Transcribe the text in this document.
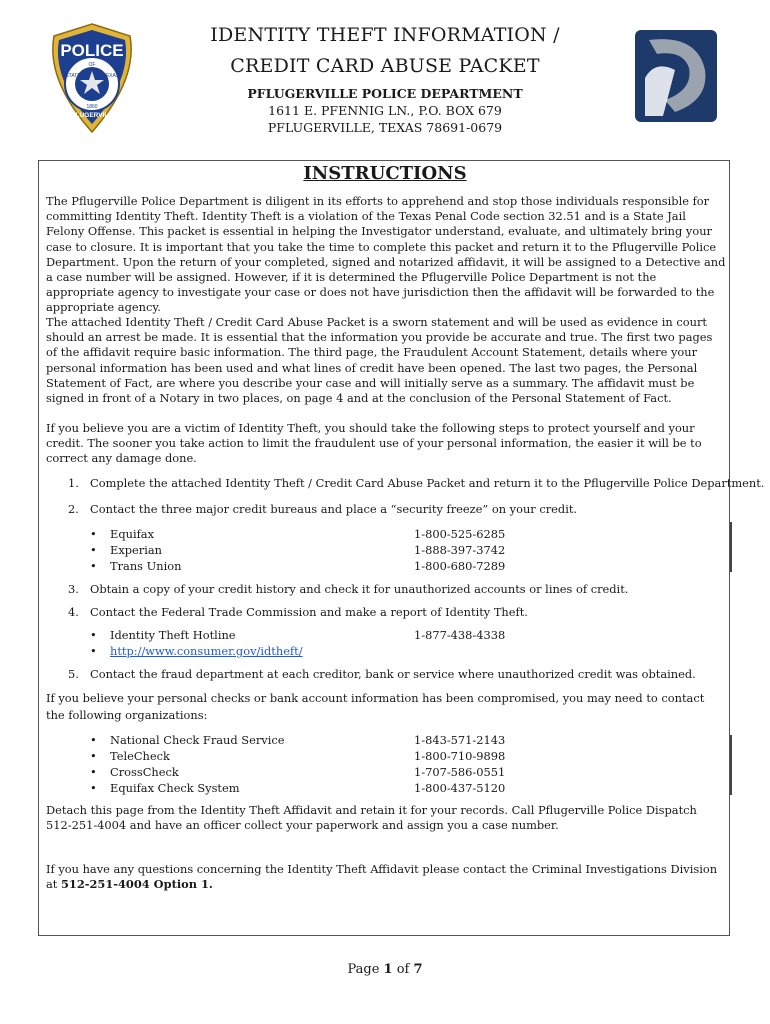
POLICE
STATE
OF
TEXAS
1860
PFLUGERVILLE
IDENTITY THEFT INFORMATION /
CREDIT CARD ABUSE PACKET
PFLUGERVILLE POLICE DEPARTMENT
1611 E. PFENNIG LN., P.O. BOX 679
PFLUGERVILLE, TEXAS 78691-0679
INSTRUCTIONS
The Pflugerville Police Department is diligent in its efforts to apprehend and stop those individuals responsible for committing Identity Theft. Identity Theft is a violation of the Texas Penal Code section 32.51 and is a State Jail Felony Offense. This packet is essential in helping the Investigator understand, evaluate, and ultimately bring your case to closure. It is important that you take the time to complete this packet and return it to the Pflugerville Police Department. Upon the return of your completed, signed and notarized affidavit, it will be assigned to a Detective and a case number will be assigned. However, if it is determined the Pflugerville Police Department is not the appropriate agency to investigate your case or does not have jurisdiction then the affidavit will be forwarded to the appropriate agency.
The attached Identity Theft / Credit Card Abuse Packet is a sworn statement and will be used as evidence in court should an arrest be made. It is essential that the information you provide be accurate and true. The first two pages of the affidavit require basic information. The third page, the Fraudulent Account Statement, details where your personal information has been used and what lines of credit have been opened. The last two pages, the Personal Statement of Fact, are where you describe your case and will initially serve as a summary. The affidavit must be signed in front of a Notary in two places, on page 4 and at the conclusion of the Personal Statement of Fact.
If you believe you are a victim of Identity Theft, you should take the following steps to protect yourself and your credit. The sooner you take action to limit the fraudulent use of your personal information, the easier it will be to correct any damage done.
1. Complete the attached Identity Theft / Credit Card Abuse Packet and return it to the Pflugerville Police Department.
2. Contact the three major credit bureaus and place a “security freeze” on your credit.
• Equifax	1-800-525-6285
• Experian	1-888-397-3742
• Trans Union	1-800-680-7289
3. Obtain a copy of your credit history and check it for unauthorized accounts or lines of credit.
4. Contact the Federal Trade Commission and make a report of Identity Theft.
• Identity Theft Hotline	1-877-438-4338
• http://www.consumer.gov/idtheft/
5. Contact the fraud department at each creditor, bank or service where unauthorized credit was obtained.
If you believe your personal checks or bank account information has been compromised, you may need to contact the following organizations:
• National Check Fraud Service	1-843-571-2143
• TeleCheck	1-800-710-9898
• CrossCheck	1-707-586-0551
• Equifax Check System	1-800-437-5120
Detach this page from the Identity Theft Affidavit and retain it for your records. Call Pflugerville Police Dispatch 512-251-4004 and have an officer collect your paperwork and assign you a case number.
If you have any questions concerning the Identity Theft Affidavit please contact the Criminal Investigations Division at 512-251-4004 Option 1.
Page 1 of 7
